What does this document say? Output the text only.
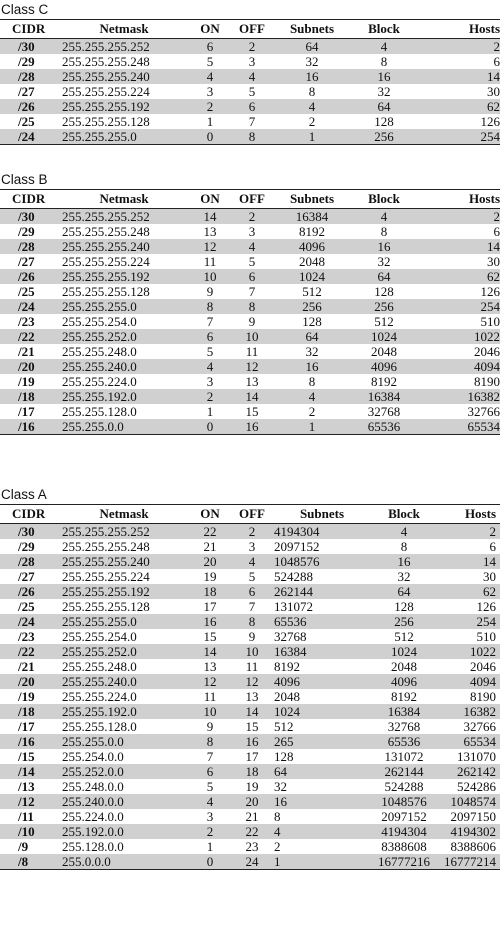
Class C
CIDR	Netmask	ON	OFF	Subnets	Block	Hosts
/30	255.255.255.252	6	2	64	4	2
/29	255.255.255.248	5	3	32	8	6
/28	255.255.255.240	4	4	16	16	14
/27	255.255.255.224	3	5	8	32	30
/26	255.255.255.192	2	6	4	64	62
/25	255.255.255.128	1	7	2	128	126
/24	255.255.255.0	0	8	1	256	254
Class B
CIDR	Netmask	ON	OFF	Subnets	Block	Hosts
/30	255.255.255.252	14	2	16384	4	2
/29	255.255.255.248	13	3	8192	8	6
/28	255.255.255.240	12	4	4096	16	14
/27	255.255.255.224	11	5	2048	32	30
/26	255.255.255.192	10	6	1024	64	62
/25	255.255.255.128	9	7	512	128	126
/24	255.255.255.0	8	8	256	256	254
/23	255.255.254.0	7	9	128	512	510
/22	255.255.252.0	6	10	64	1024	1022
/21	255.255.248.0	5	11	32	2048	2046
/20	255.255.240.0	4	12	16	4096	4094
/19	255.255.224.0	3	13	8	8192	8190
/18	255.255.192.0	2	14	4	16384	16382
/17	255.255.128.0	1	15	2	32768	32766
/16	255.255.0.0	0	16	1	65536	65534
Class A
CIDR	Netmask	ON	OFF	Subnets	Block	Hosts
/30	255.255.255.252	22	2	4194304	4	2
/29	255.255.255.248	21	3	2097152	8	6
/28	255.255.255.240	20	4	1048576	16	14
/27	255.255.255.224	19	5	524288	32	30
/26	255.255.255.192	18	6	262144	64	62
/25	255.255.255.128	17	7	131072	128	126
/24	255.255.255.0	16	8	65536	256	254
/23	255.255.254.0	15	9	32768	512	510
/22	255.255.252.0	14	10	16384	1024	1022
/21	255.255.248.0	13	11	8192	2048	2046
/20	255.255.240.0	12	12	4096	4096	4094
/19	255.255.224.0	11	13	2048	8192	8190
/18	255.255.192.0	10	14	1024	16384	16382
/17	255.255.128.0	9	15	512	32768	32766
/16	255.255.0.0	8	16	265	65536	65534
/15	255.254.0.0	7	17	128	131072	131070
/14	255.252.0.0	6	18	64	262144	262142
/13	255.248.0.0	5	19	32	524288	524286
/12	255.240.0.0	4	20	16	1048576	1048574
/11	255.224.0.0	3	21	8	2097152	2097150
/10	255.192.0.0	2	22	4	4194304	4194302
/9	255.128.0.0	1	23	2	8388608	8388606
/8	255.0.0.0	0	24	1	16777216	16777214
